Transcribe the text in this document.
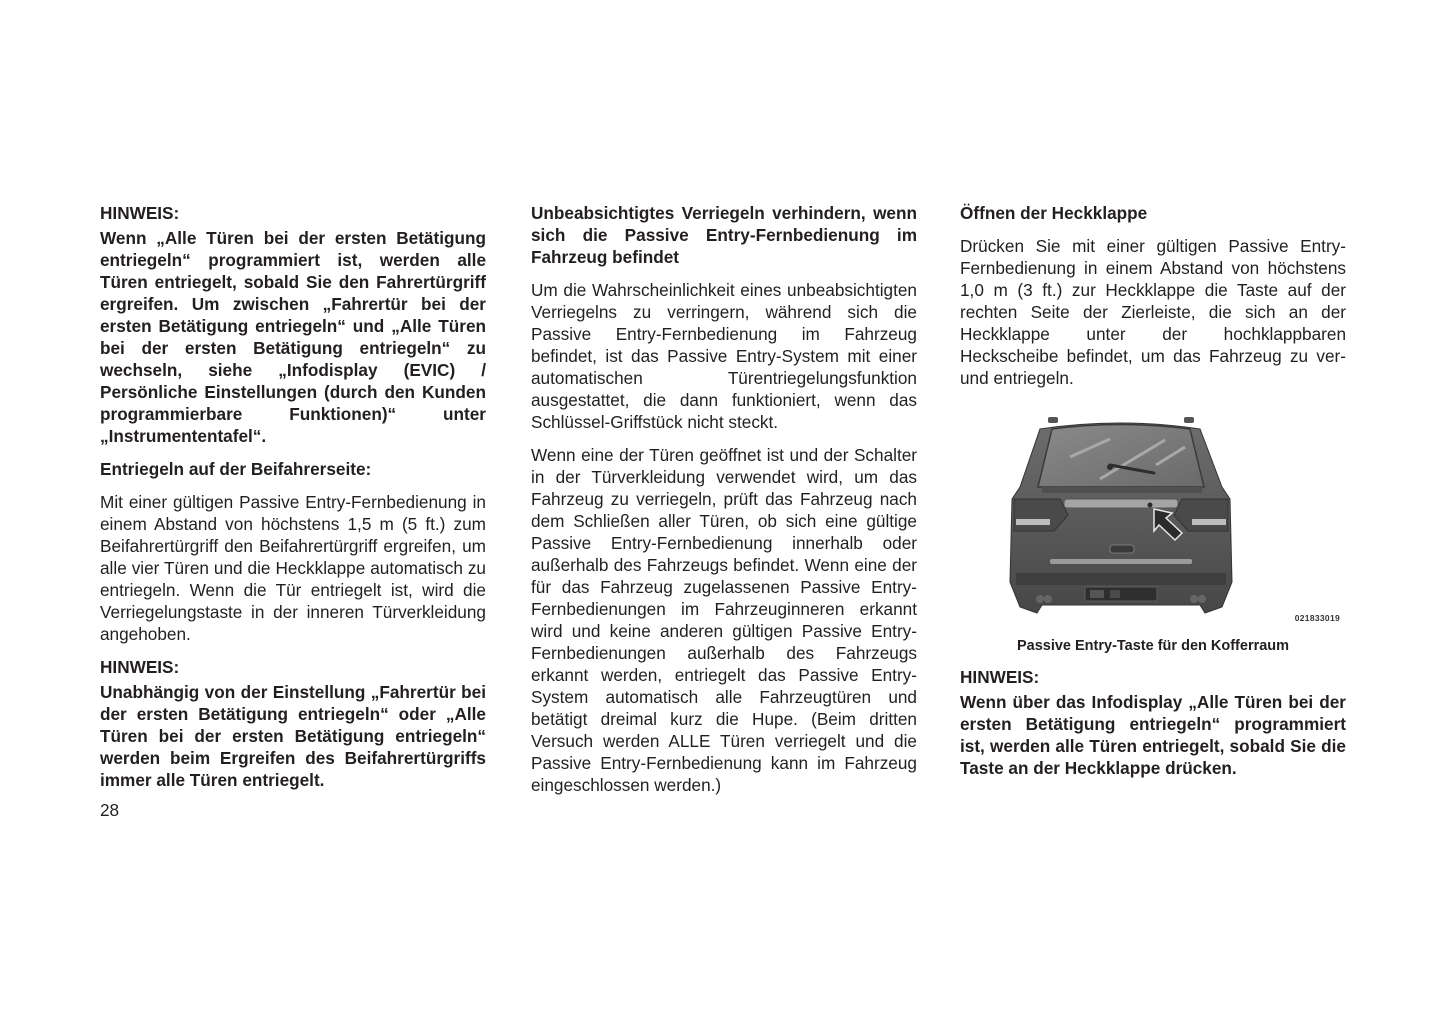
HINWEIS:

Wenn „Alle Türen bei der ersten Betätigung entriegeln“ programmiert ist, werden alle Türen entriegelt, sobald Sie den Fahrertürgriff ergreifen. Um zwischen „Fahrertür bei der ersten Betätigung entriegeln“ und „Alle Türen bei der ersten Betätigung entriegeln“ zu wechseln, siehe „Infodisplay (EVIC) / Persönliche Einstellungen (durch den Kunden programmierbare Funktionen)“ unter „Instrumententafel“.

Entriegeln auf der Beifahrerseite:

Mit einer gültigen Passive Entry-Fernbedienung in einem Abstand von höchstens 1,5 m (5 ft.) zum Beifahrertürgriff den Beifahrertürgriff ergreifen, um alle vier Türen und die Heckklappe automatisch zu entriegeln. Wenn die Tür entriegelt ist, wird die Verriegelungstaste in der inneren Türverkleidung angehoben.

HINWEIS:

Unabhängig von der Einstellung „Fahrertür bei der ersten Betätigung entriegeln“ oder „Alle Türen bei der ersten Betätigung entriegeln“ werden beim Ergreifen des Beifahrertürgriffs immer alle Türen entriegelt.

Unbeabsichtigtes Verriegeln verhindern, wenn sich die Passive Entry-Fernbedienung im Fahrzeug befindet

Um die Wahrscheinlichkeit eines unbeabsichtigten Verriegelns zu verringern, während sich die Passive Entry-Fernbedienung im Fahrzeug befindet, ist das Passive Entry-System mit einer automatischen Türentriegelungsfunktion ausgestattet, die dann funktioniert, wenn das Schlüssel-Griffstück nicht steckt.

Wenn eine der Türen geöffnet ist und der Schalter in der Türverkleidung verwendet wird, um das Fahrzeug zu verriegeln, prüft das Fahrzeug nach dem Schließen aller Türen, ob sich eine gültige Passive Entry-Fernbedienung innerhalb oder außerhalb des Fahrzeugs befindet. Wenn eine der für das Fahrzeug zugelassenen Passive Entry-Fernbedienungen im Fahrzeuginneren erkannt wird und keine anderen gültigen Passive Entry-Fernbedienungen außerhalb des Fahrzeugs erkannt werden, entriegelt das Passive Entry-System automatisch alle Fahrzeugtüren und betätigt dreimal kurz die Hupe. (Beim dritten Versuch werden ALLE Türen verriegelt und die Passive Entry-Fernbedienung kann im Fahrzeug eingeschlossen werden.)

Öffnen der Heckklappe

Drücken Sie mit einer gültigen Passive Entry-Fernbedienung in einem Abstand von höchstens 1,0 m (3 ft.) zur Heckklappe die Taste auf der rechten Seite der Zierleiste, die sich an der Heckklappe unter der hochklappbaren Heckscheibe befindet, um das Fahrzeug zu ver- und entriegeln.

021833019

Passive Entry-Taste für den Kofferraum

HINWEIS:

Wenn über das Infodisplay „Alle Türen bei der ersten Betätigung entriegeln“ programmiert ist, werden alle Türen entriegelt, sobald Sie die Taste an der Heckklappe drücken.

28
